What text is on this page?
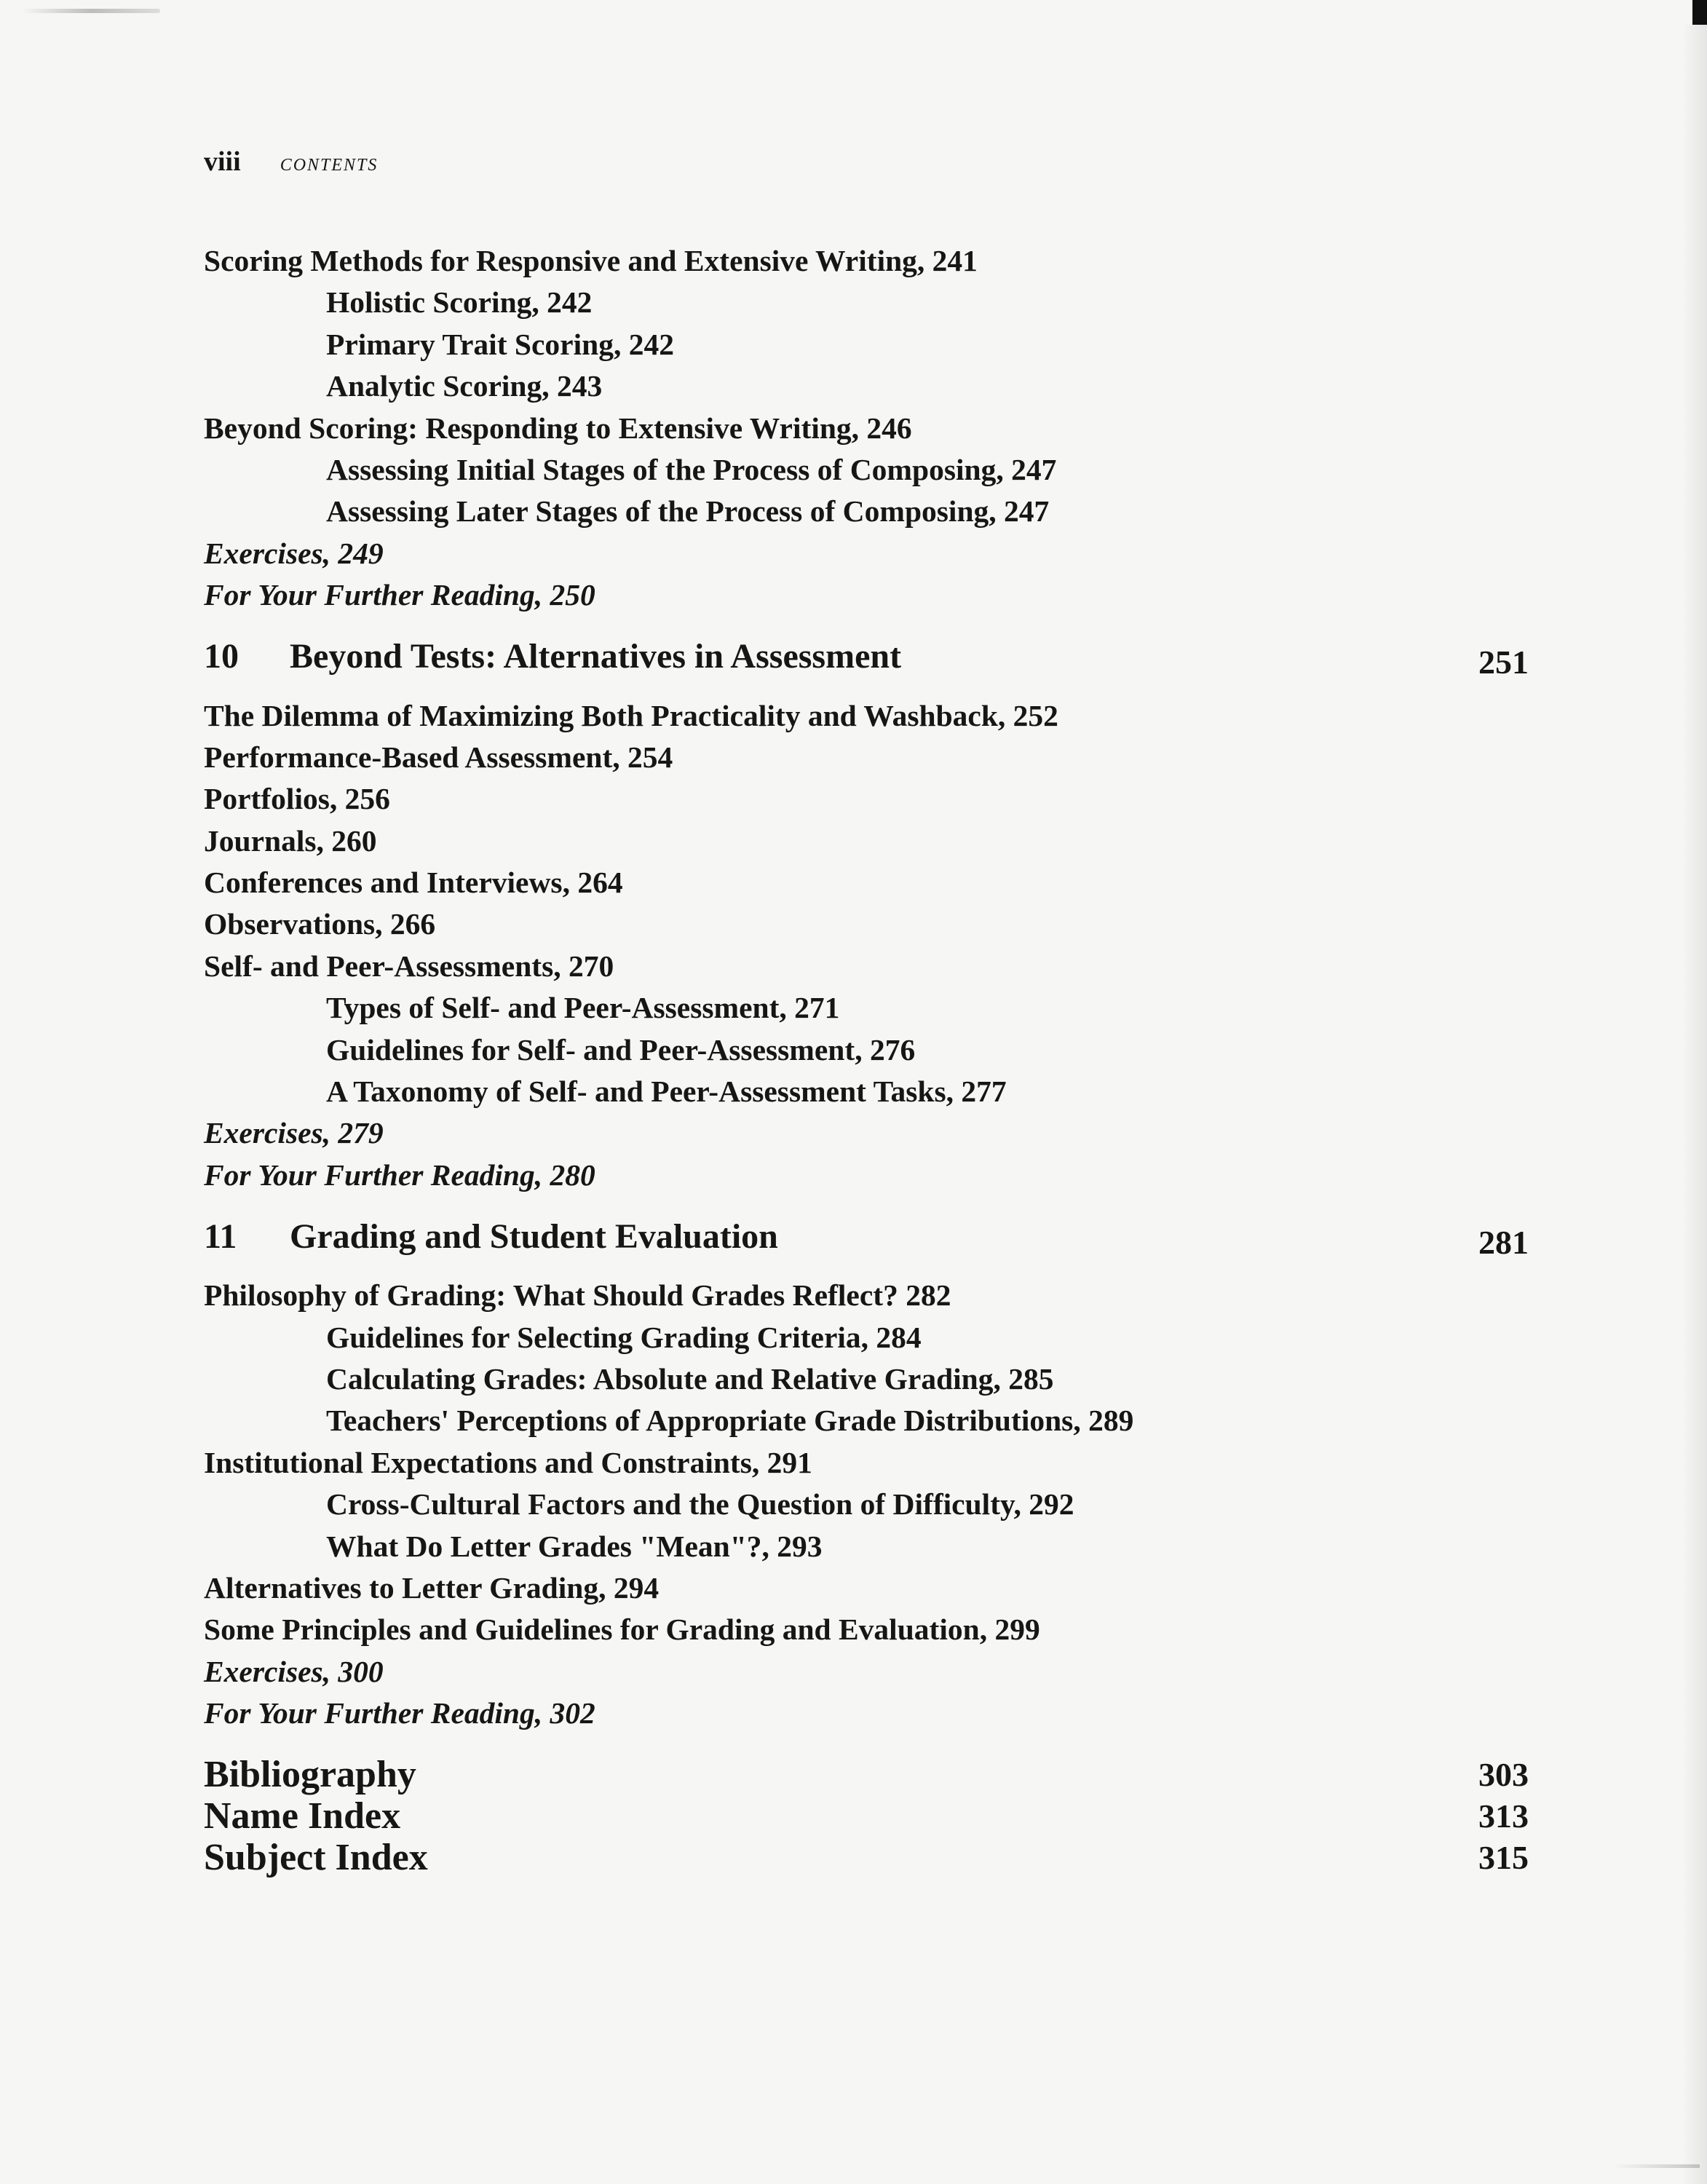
viii CONTENTS
Scoring Methods for Responsive and Extensive Writing, 241
Holistic Scoring, 242
Primary Trait Scoring, 242
Analytic Scoring, 243
Beyond Scoring: Responding to Extensive Writing, 246
Assessing Initial Stages of the Process of Composing, 247
Assessing Later Stages of the Process of Composing, 247
Exercises, 249
For Your Further Reading, 250
10	Beyond Tests: Alternatives in Assessment	251
The Dilemma of Maximizing Both Practicality and Washback, 252
Performance-Based Assessment, 254
Portfolios, 256
Journals, 260
Conferences and Interviews, 264
Observations, 266
Self- and Peer-Assessments, 270
Types of Self- and Peer-Assessment, 271
Guidelines for Self- and Peer-Assessment, 276
A Taxonomy of Self- and Peer-Assessment Tasks, 277
Exercises, 279
For Your Further Reading, 280
11	Grading and Student Evaluation	281
Philosophy of Grading: What Should Grades Reflect? 282
Guidelines for Selecting Grading Criteria, 284
Calculating Grades: Absolute and Relative Grading, 285
Teachers' Perceptions of Appropriate Grade Distributions, 289
Institutional Expectations and Constraints, 291
Cross-Cultural Factors and the Question of Difficulty, 292
What Do Letter Grades "Mean"?, 293
Alternatives to Letter Grading, 294
Some Principles and Guidelines for Grading and Evaluation, 299
Exercises, 300
For Your Further Reading, 302
Bibliography	303
Name Index	313
Subject Index	315
